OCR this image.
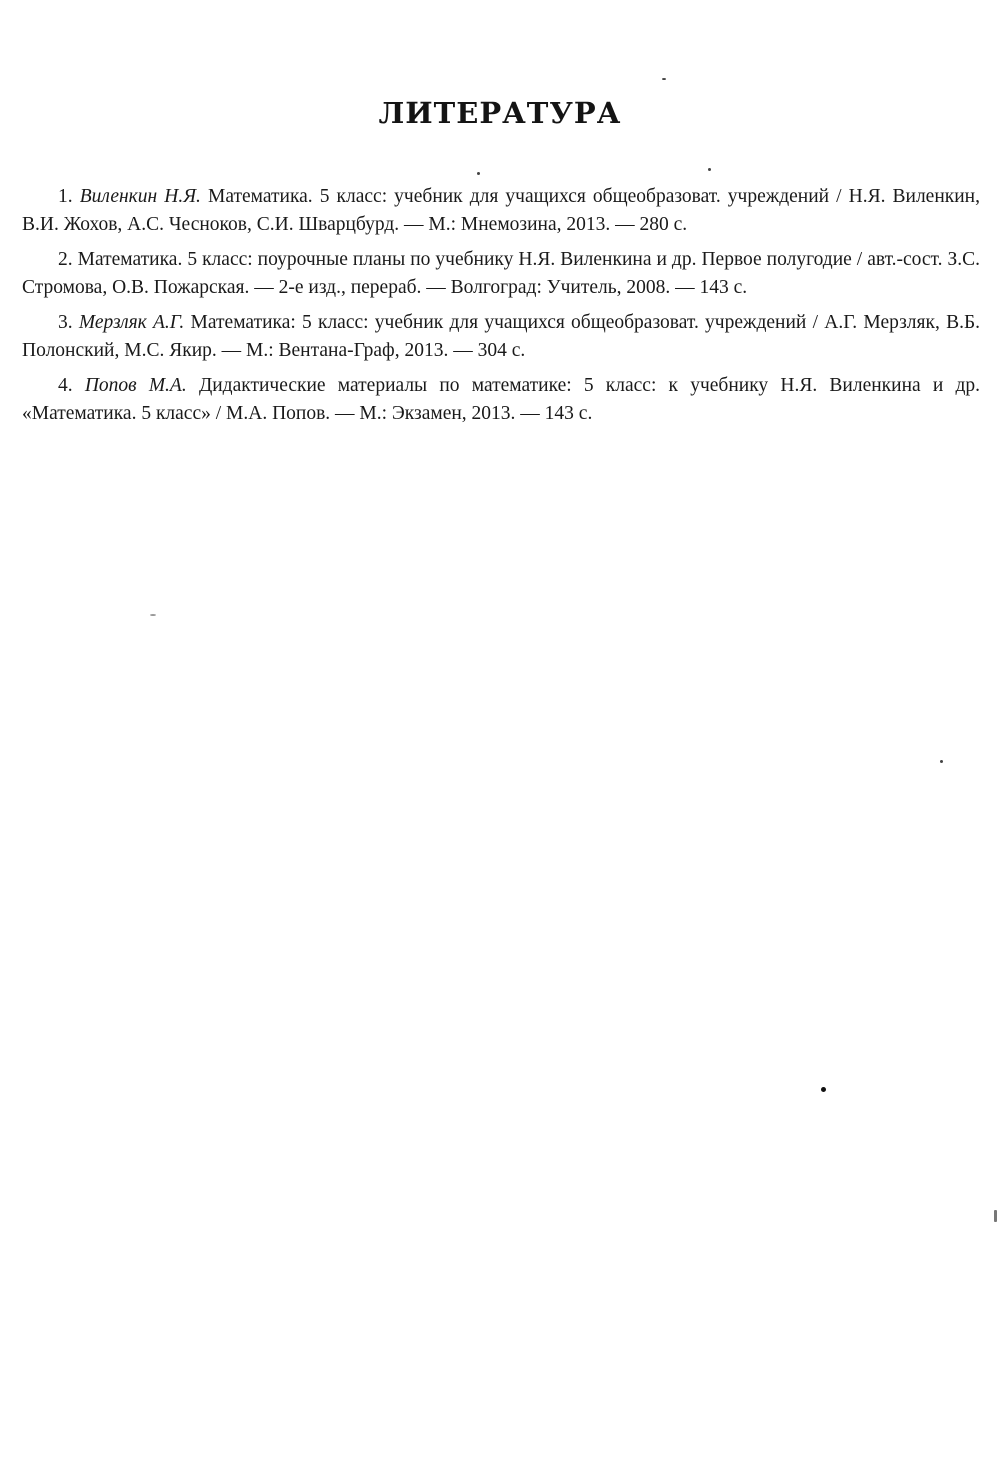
ЛИТЕРАТУРА

1. Виленкин Н.Я. Математика. 5 класс: учебник для учащихся общеобразоват. учреждений / Н.Я. Виленкин, В.И. Жохов, А.С. Чесноков, С.И. Шварцбурд. — М.: Мнемозина, 2013. — 280 с.

2. Математика. 5 класс: поурочные планы по учебнику Н.Я. Виленкина и др. Первое полугодие / авт.-сост. З.С. Стромова, О.В. Пожарская. — 2-е изд., перераб. — Волгоград: Учитель, 2008. — 143 с.

3. Мерзляк А.Г. Математика: 5 класс: учебник для учащихся общеобразоват. учреждений / А.Г. Мерзляк, В.Б. Полонский, М.С. Якир. — М.: Вентана-Граф, 2013. — 304 с.

4. Попов М.А. Дидактические материалы по математике: 5 класс: к учебнику Н.Я. Виленкина и др. «Математика. 5 класс» / М.А. Попов. — М.: Экзамен, 2013. — 143 с.
